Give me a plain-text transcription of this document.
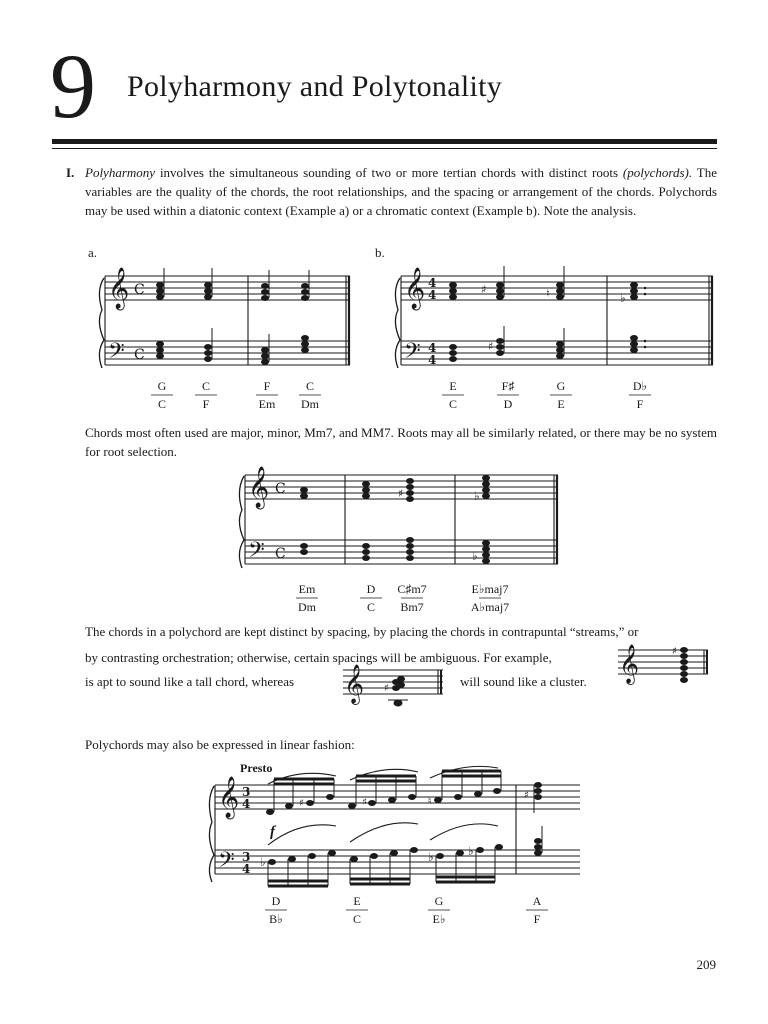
9 Polyharmony and Polytonality
I. Polyharmony involves the simultaneous sounding of two or more tertian chords with distinct roots (polychords). The variables are the quality of the chords, the root relationships, and the spacing or arrangement of the chords. Polychords may be used within a diatonic context (Example a) or a chromatic context (Example b). Note the analysis.
a.	b.
Chords most often used are major, minor, Mm7, and MM7. Roots may all be similarly related, or there may be no system for root selection.
The chords in a polychord are kept distinct by spacing, by placing the chords in contrapuntal “streams,” or
by contrasting orchestration; otherwise, certain spacings will be ambiguous. For example,
is apt to sound like a tall chord, whereas	will sound like a cluster.
Polychords may also be expressed in linear fashion:
209
𝄞
𝄢
C
C
𝄞
𝄢
4
4
4
4
♯	♮	♭
♯
G
C
C
F
F
Em
C
Dm
E
C
F♯
D
G
E
D♭
F
𝄞
𝄢
C
C
♯	♭
♭
Em
Dm
D
C
C♯m7
Bm7
E♭maj7
A♭maj7
𝄞	♯
𝄞 ♯
Presto
𝄞
𝄢
3
4
3
4
f
♯	♯	♮
♯
♭	♭	♭
D
B♭
E
C
G
E♭
A
F
